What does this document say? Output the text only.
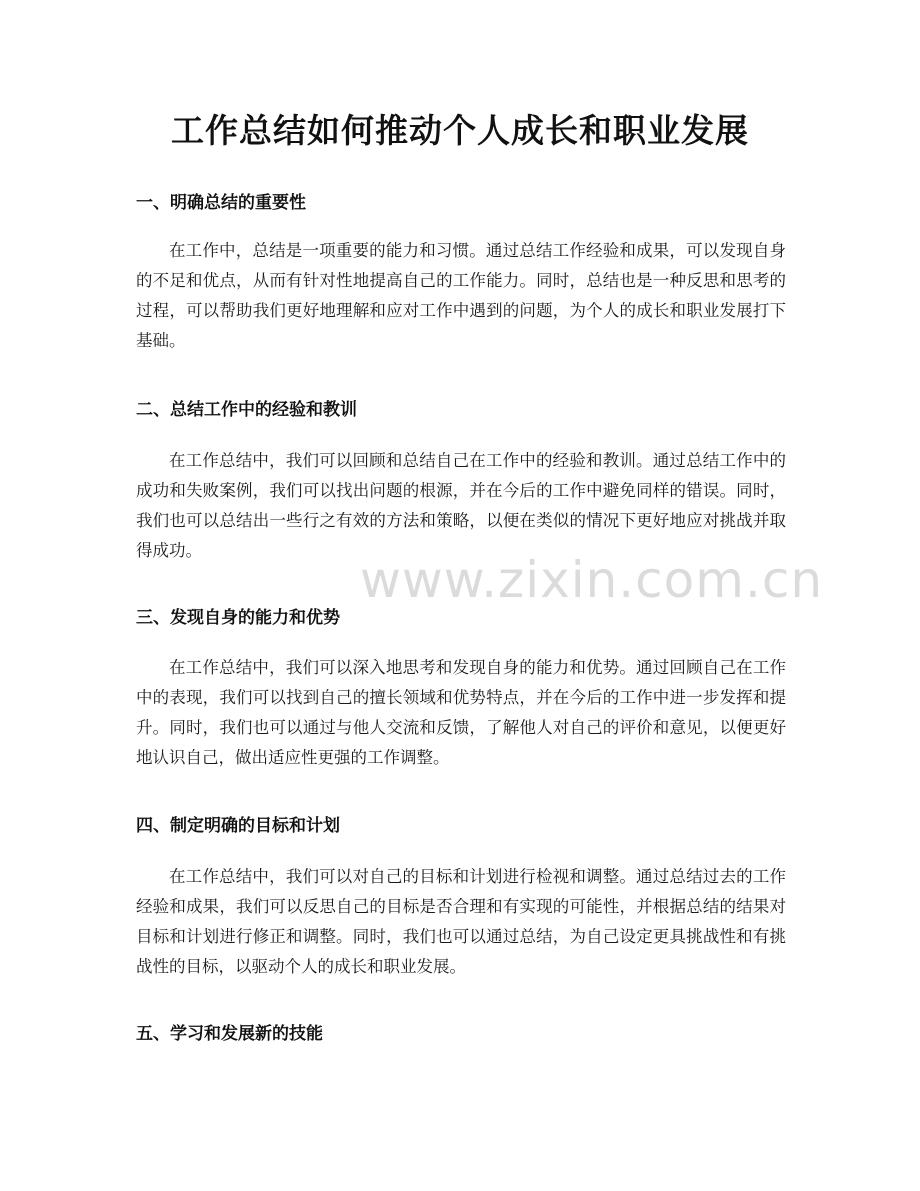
工作总结如何推动个人成长和职业发展
一、明确总结的重要性

在工作中，总结是一项重要的能力和习惯。通过总结工作经验和成果，可以发现自身的不足和优点，从而有针对性地提高自己的工作能力。同时，总结也是一种反思和思考的过程，可以帮助我们更好地理解和应对工作中遇到的问题，为个人的成长和职业发展打下基础。

二、总结工作中的经验和教训

在工作总结中，我们可以回顾和总结自己在工作中的经验和教训。通过总结工作中的成功和失败案例，我们可以找出问题的根源，并在今后的工作中避免同样的错误。同时，我们也可以总结出一些行之有效的方法和策略，以便在类似的情况下更好地应对挑战并取得成功。

三、发现自身的能力和优势

在工作总结中，我们可以深入地思考和发现自身的能力和优势。通过回顾自己在工作中的表现，我们可以找到自己的擅长领域和优势特点，并在今后的工作中进一步发挥和提升。同时，我们也可以通过与他人交流和反馈，了解他人对自己的评价和意见，以便更好地认识自己，做出适应性更强的工作调整。

四、制定明确的目标和计划

在工作总结中，我们可以对自己的目标和计划进行检视和调整。通过总结过去的工作经验和成果，我们可以反思自己的目标是否合理和有实现的可能性，并根据总结的结果对目标和计划进行修正和调整。同时，我们也可以通过总结，为自己设定更具挑战性和有挑战性的目标，以驱动个人的成长和职业发展。

五、学习和发展新的技能
www.zixin.com.cn
